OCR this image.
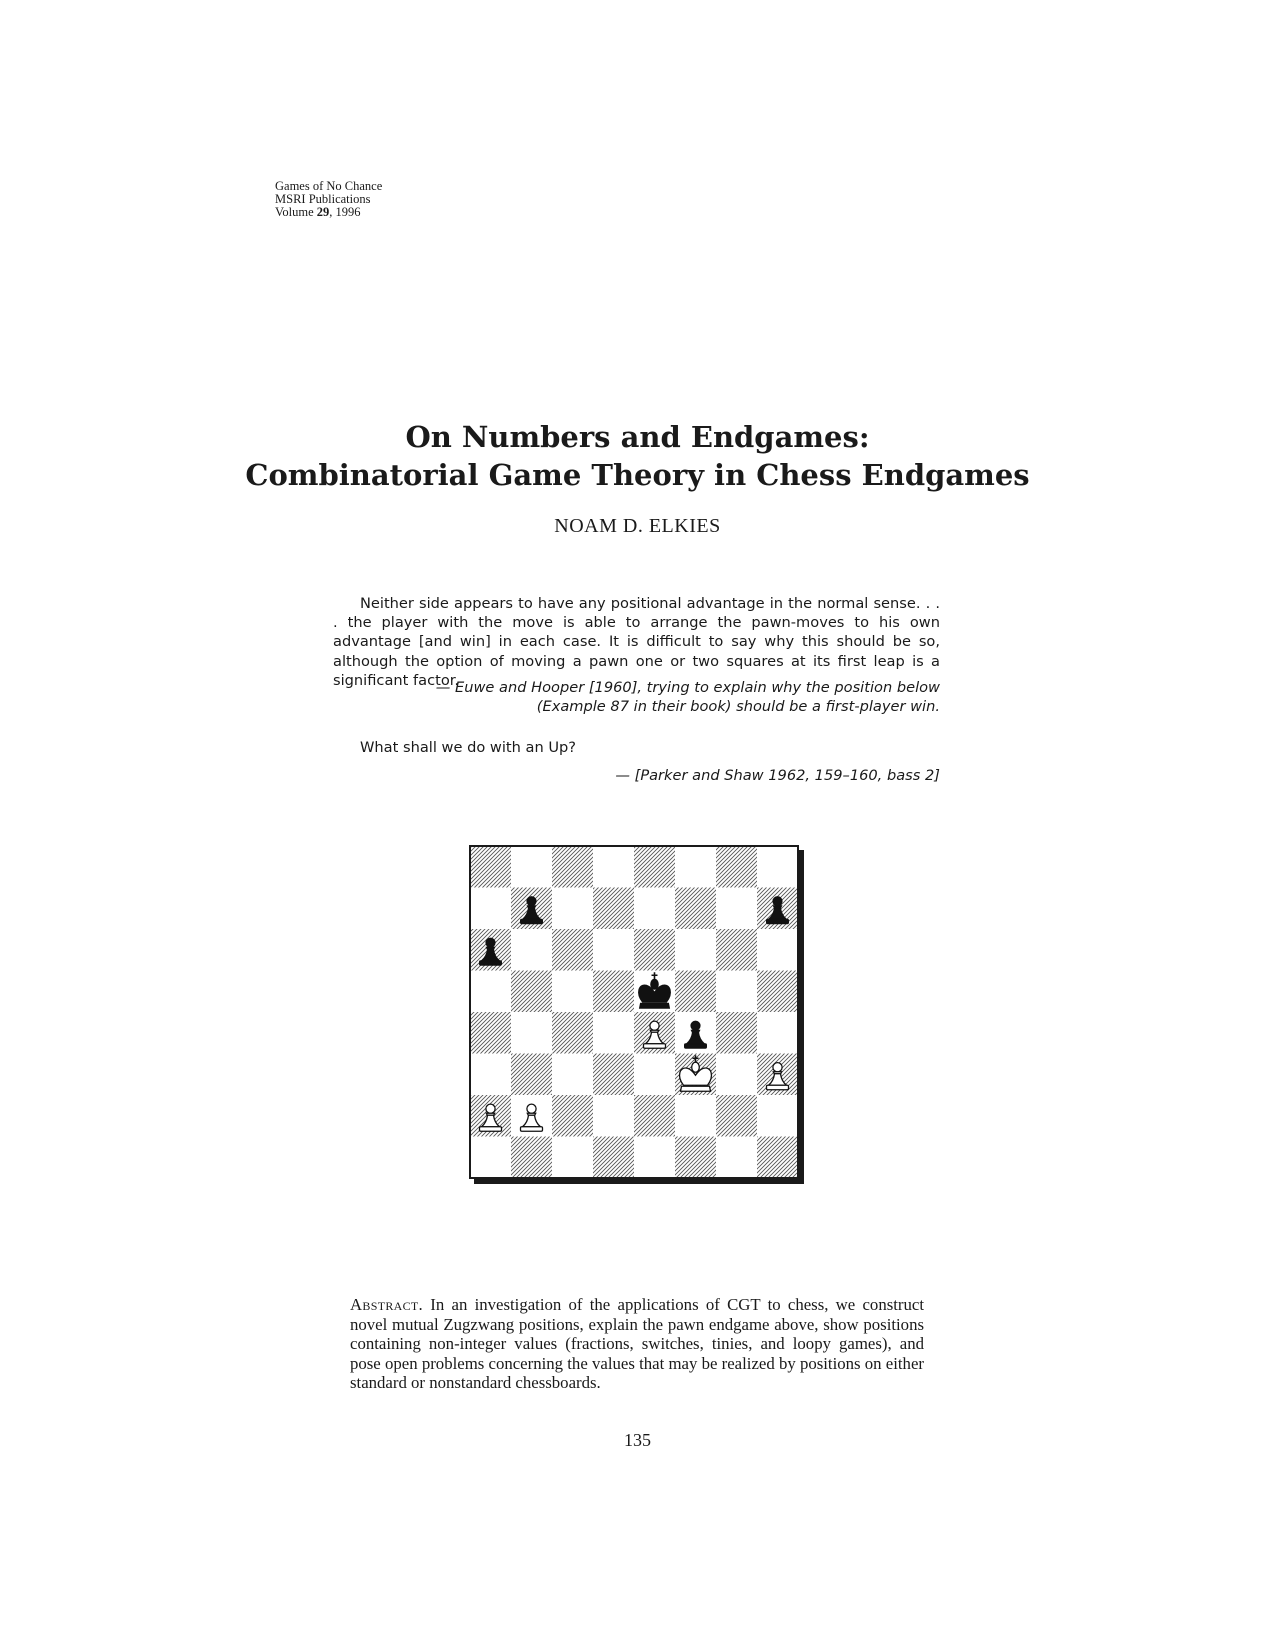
Games of No Chance
MSRI Publications
Volume 29, 1996
On Numbers and Endgames:
Combinatorial Game Theory in Chess Endgames
NOAM D. ELKIES
Neither side appears to have any positional advantage in the normal sense. . . . the player with the move is able to arrange the pawn-moves to his own advantage [and win] in each case. It is difficult to say why this should be so, although the option of moving a pawn one or two squares at its first leap is a significant factor.
— Euwe and Hooper [1960], trying to explain why the position below
(Example 87 in their book) should be a first-player win.
What shall we do with an Up?
— [Parker and Shaw 1962, 159–160, bass 2]
Abstract. In an investigation of the applications of CGT to chess, we construct novel mutual Zugzwang positions, explain the pawn endgame above, show positions containing non-integer values (fractions, switches, tinies, and loopy games), and pose open problems concerning the values that may be realized by positions on either standard or nonstandard chessboards.
135
